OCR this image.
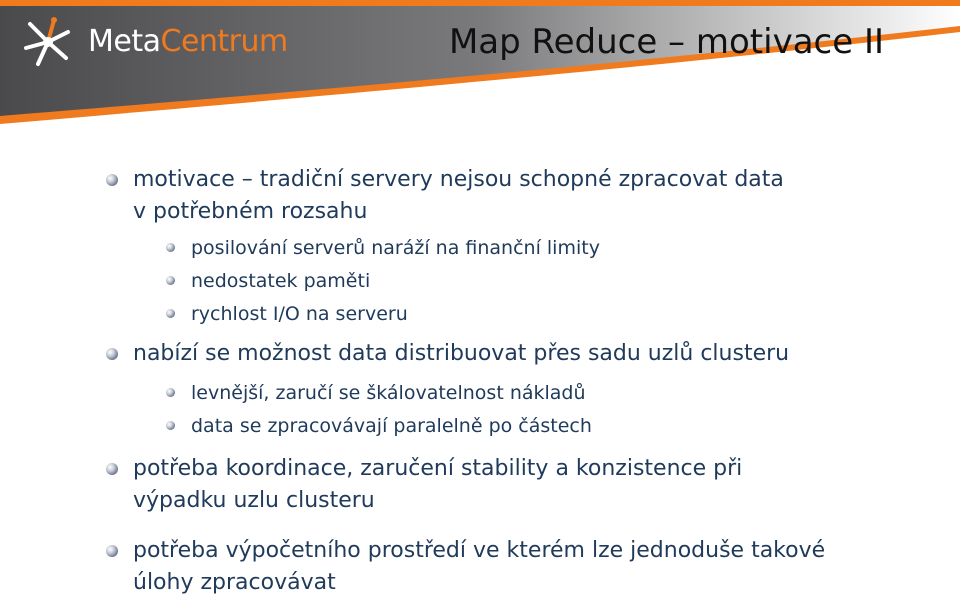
MetaCentrum	Map Reduce – motivace II
motivace – tradiční servery nejsou schopné zpracovat data
v potřebném rozsahu
posilování serverů naráží na finanční limity
nedostatek paměti
rychlost I/O na serveru
nabízí se možnost data distribuovat přes sadu uzlů clusteru
levnější, zaručí se škálovatelnost nákladů
data se zpracovávají paralelně po částech
potřeba koordinace, zaručení stability a konzistence při
výpadku uzlu clusteru
potřeba výpočetního prostředí ve kterém lze jednoduše takové
úlohy zpracovávat
